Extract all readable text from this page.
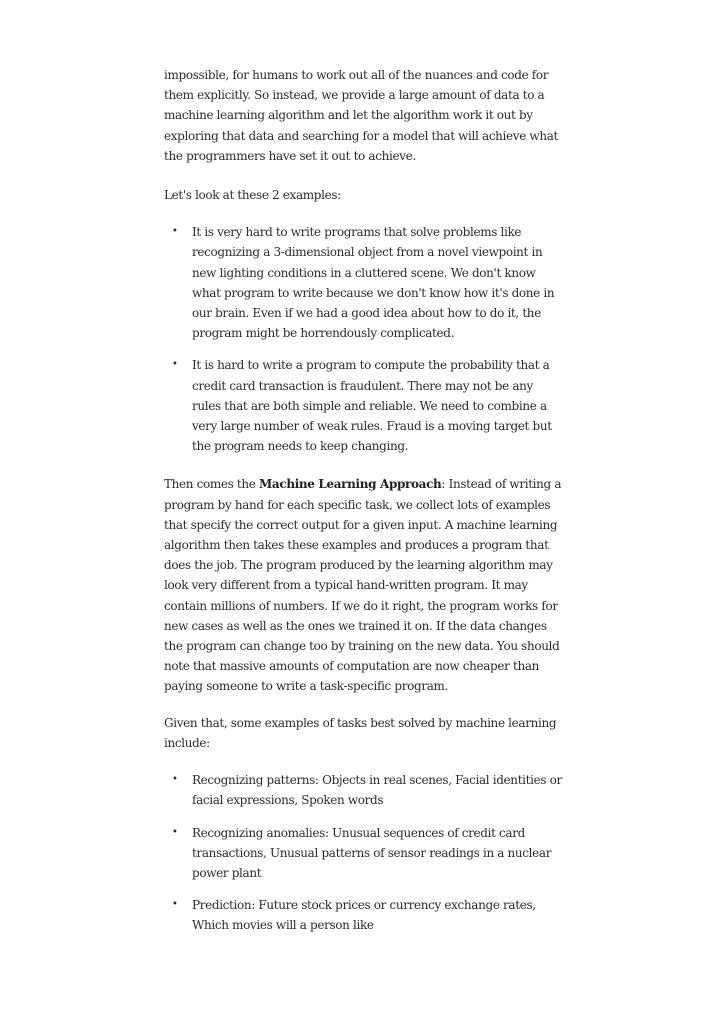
impossible, for humans to work out all of the nuances and code for them explicitly. So instead, we provide a large amount of data to a machine learning algorithm and let the algorithm work it out by exploring that data and searching for a model that will achieve what the programmers have set it out to achieve.

Let's look at these 2 examples:

• It is very hard to write programs that solve problems like recognizing a 3-dimensional object from a novel viewpoint in new lighting conditions in a cluttered scene. We don't know what program to write because we don't know how it's done in our brain. Even if we had a good idea about how to do it, the program might be horrendously complicated.
• It is hard to write a program to compute the probability that a credit card transaction is fraudulent. There may not be any rules that are both simple and reliable. We need to combine a very large number of weak rules. Fraud is a moving target but the program needs to keep changing.

Then comes the Machine Learning Approach: Instead of writing a program by hand for each specific task, we collect lots of examples that specify the correct output for a given input. A machine learning algorithm then takes these examples and produces a program that does the job. The program produced by the learning algorithm may look very different from a typical hand-written program. It may contain millions of numbers. If we do it right, the program works for new cases as well as the ones we trained it on. If the data changes the program can change too by training on the new data. You should note that massive amounts of computation are now cheaper than paying someone to write a task-specific program.

Given that, some examples of tasks best solved by machine learning include:

• Recognizing patterns: Objects in real scenes, Facial identities or facial expressions, Spoken words
• Recognizing anomalies: Unusual sequences of credit card transactions, Unusual patterns of sensor readings in a nuclear power plant
• Prediction: Future stock prices or currency exchange rates, Which movies will a person like
